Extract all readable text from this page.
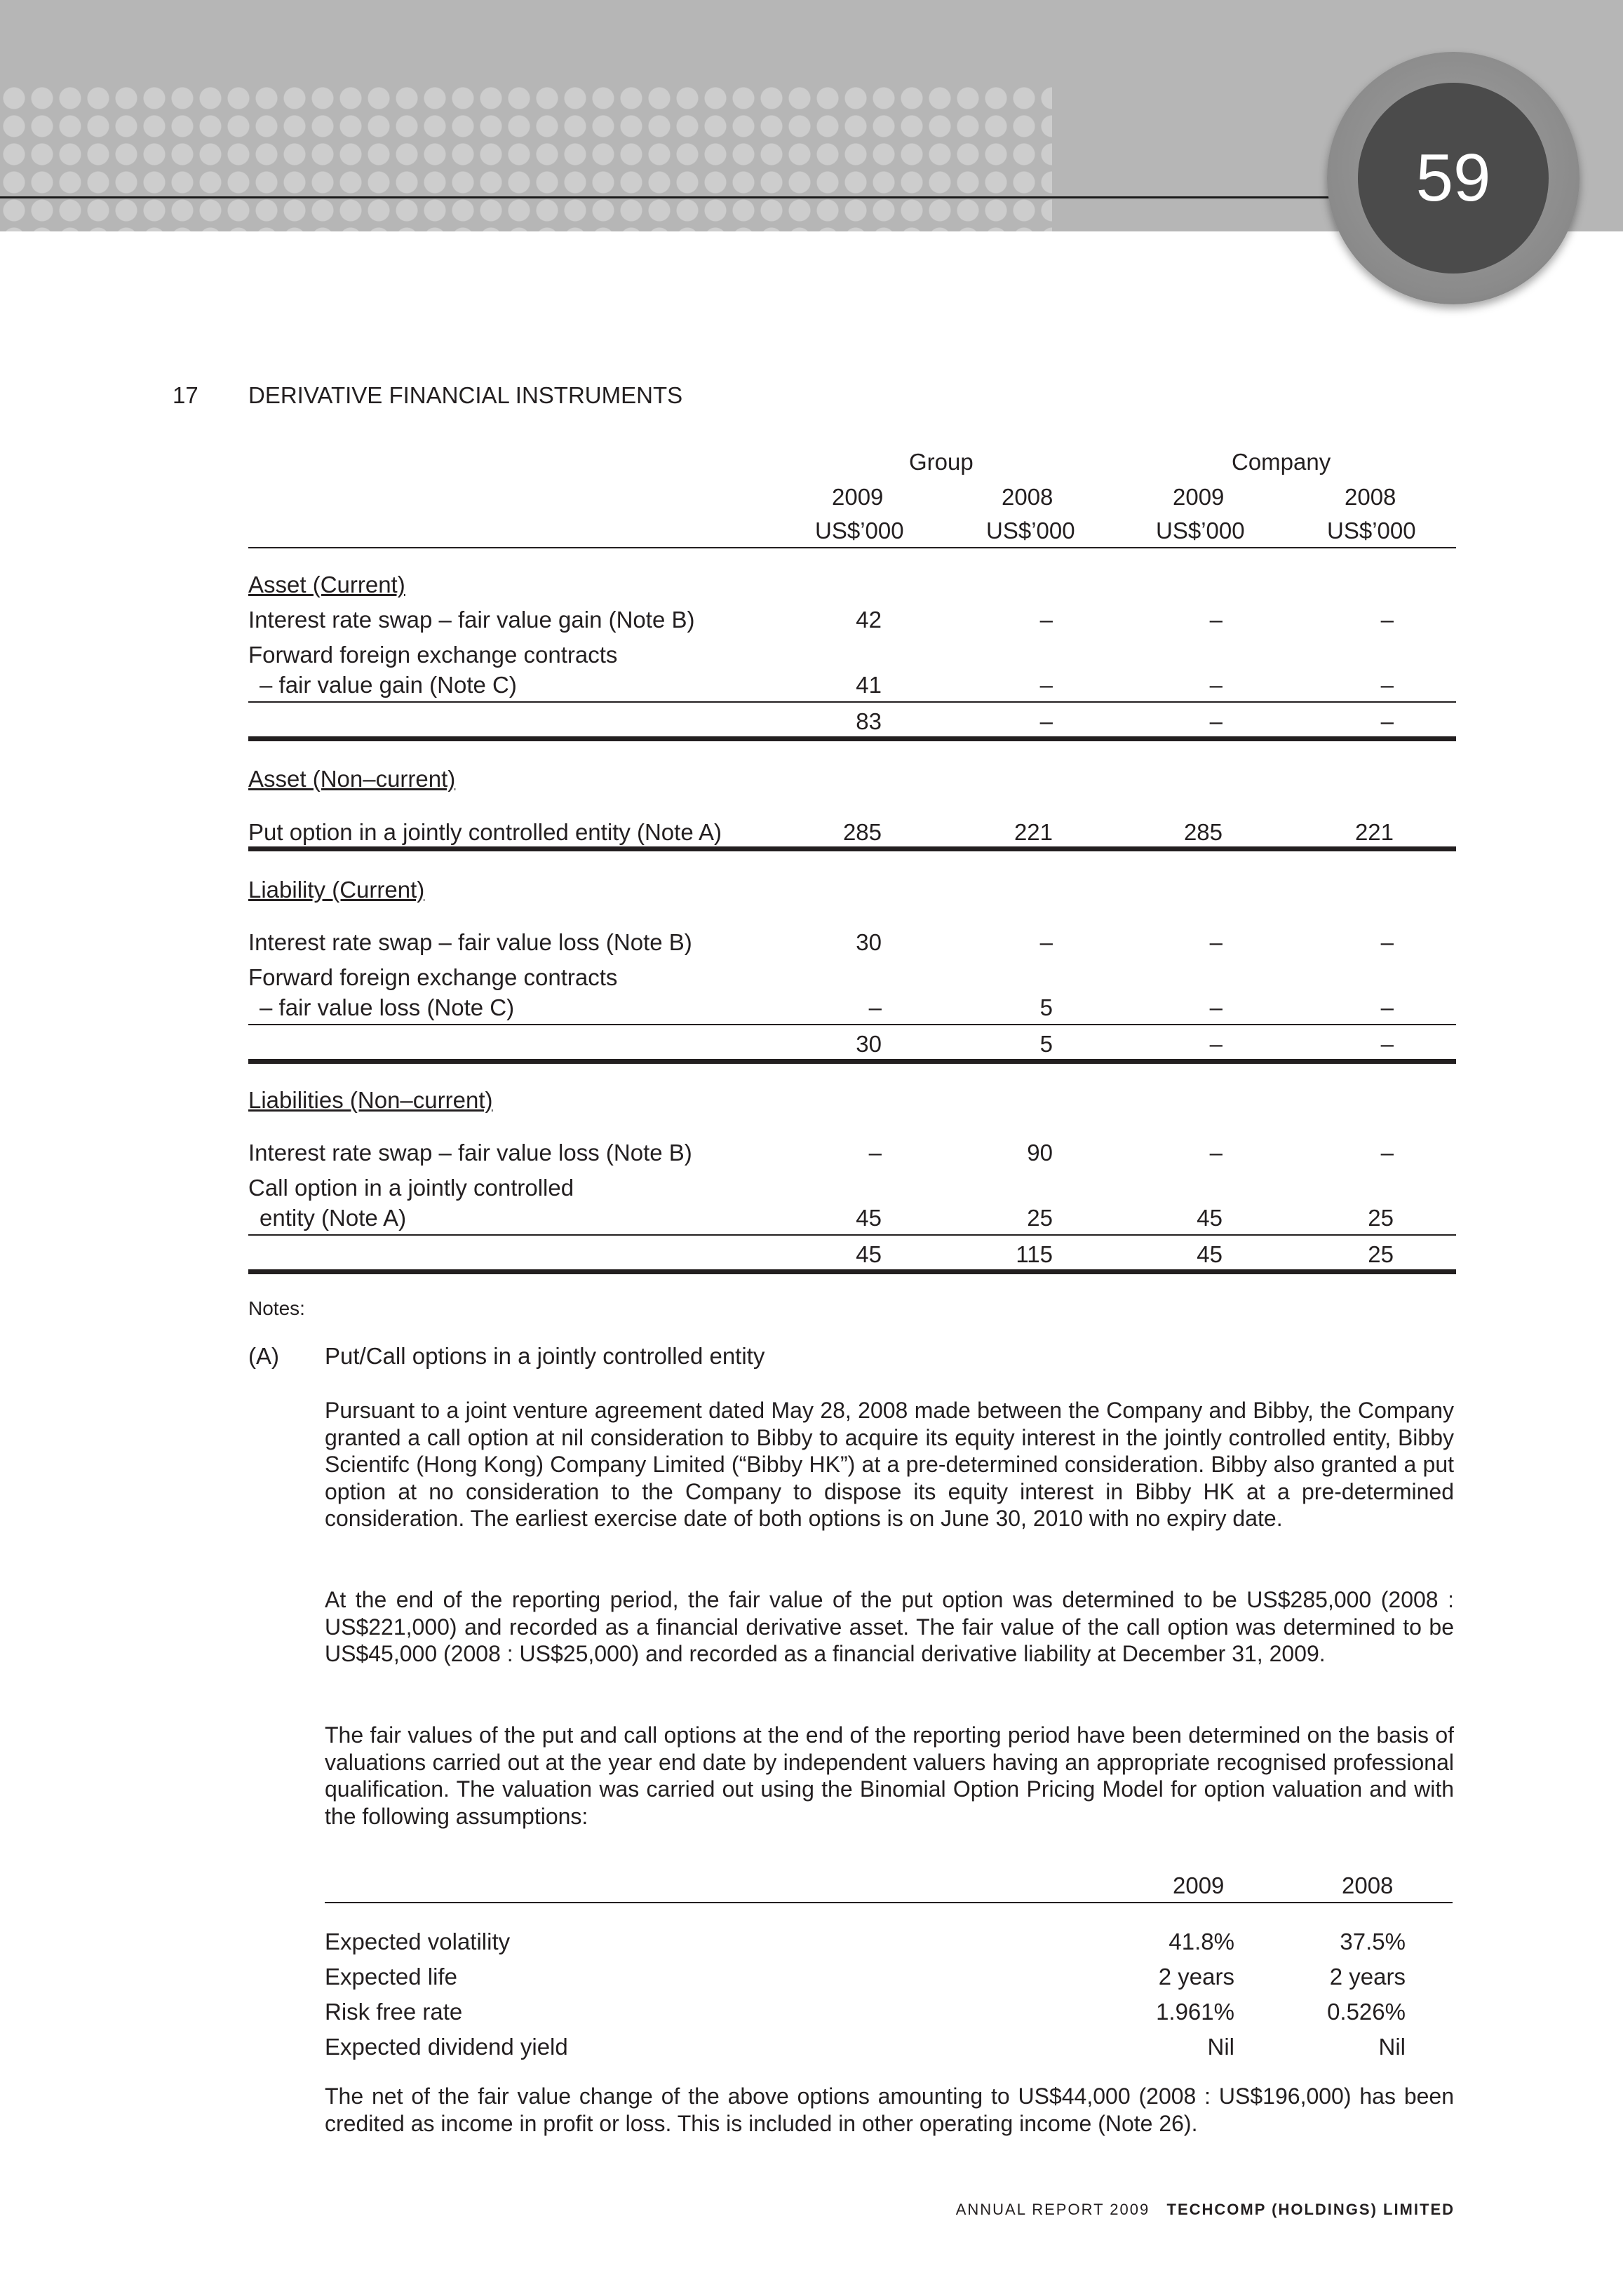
59
17 DERIVATIVE FINANCIAL INSTRUMENTS
Group	Company
2009	2008	2009	2008
US$’000	US$’000	US$’000	US$’000
Asset (Current)
Interest rate swap – fair value gain (Note B)	42	–	–	–
Forward foreign exchange contracts
– fair value gain (Note C)	41	–	–	–
83	–	–	–
Asset (Non–current)
Put option in a jointly controlled entity (Note A)	285	221	285	221
Liability (Current)
Interest rate swap – fair value loss (Note B)	30	–	–	–
Forward foreign exchange contracts
– fair value loss (Note C)	–	5	–	–
30	5	–	–
Liabilities (Non–current)
Interest rate swap – fair value loss (Note B)	–	90	–	–
Call option in a jointly controlled
entity (Note A)	45	25	45	25
45	115	45	25
Notes:
(A) Put/Call options in a jointly controlled entity
Pursuant to a joint venture agreement dated May 28, 2008 made between the Company and Bibby, the Company granted a call option at nil consideration to Bibby to acquire its equity interest in the jointly controlled entity, Bibby Scientifc (Hong Kong) Company Limited (“Bibby HK”) at a pre-determined consideration. Bibby also granted a put option at no consideration to the Company to dispose its equity interest in Bibby HK at a pre-determined consideration. The earliest exercise date of both options is on June 30, 2010 with no expiry date.
At the end of the reporting period, the fair value of the put option was determined to be US$285,000 (2008 : US$221,000) and recorded as a financial derivative asset. The fair value of the call option was determined to be US$45,000 (2008 : US$25,000) and recorded as a financial derivative liability at December 31, 2009.
The fair values of the put and call options at the end of the reporting period have been determined on the basis of valuations carried out at the year end date by independent valuers having an appropriate recognised professional qualification. The valuation was carried out using the Binomial Option Pricing Model for option valuation and with the following assumptions:
2009	2008
Expected volatility	41.8%	37.5%
Expected life	2 years	2 years
Risk free rate	1.961%	0.526%
Expected dividend yield	Nil	Nil
The net of the fair value change of the above options amounting to US$44,000 (2008 : US$196,000) has been credited as income in profit or loss. This is included in other operating income (Note 26).
ANNUAL REPORT 2009 TECHCOMP (HOLDINGS) LIMITED
